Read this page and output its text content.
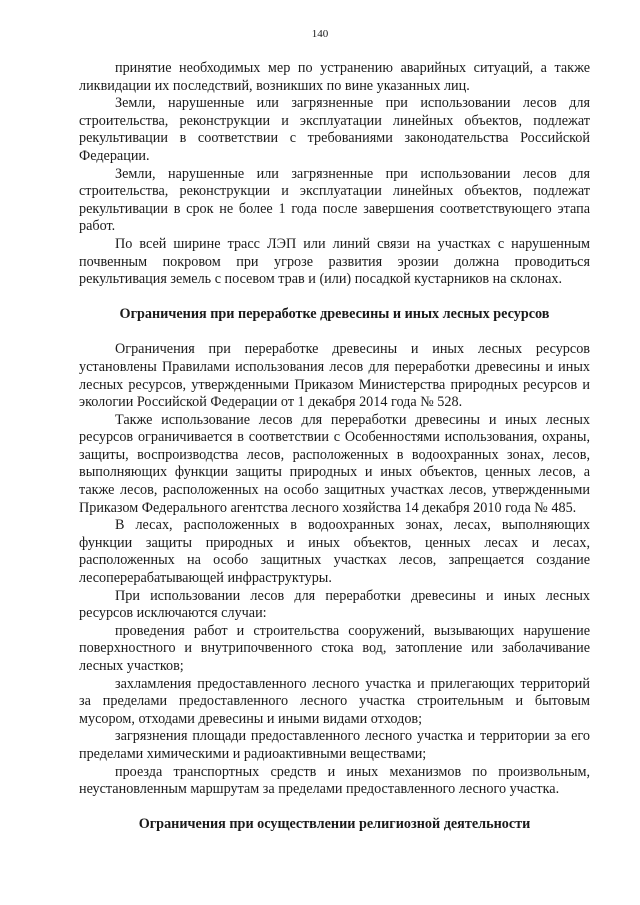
140

принятие необходимых мер по устранению аварийных ситуаций, а также ликвидации их последствий, возникших по вине указанных лиц.

Земли, нарушенные или загрязненные при использовании лесов для строительства, реконструкции и эксплуатации линейных объектов, подлежат рекультивации в соответствии с требованиями законодательства Российской Федерации.

Земли, нарушенные или загрязненные при использовании лесов для строительства, реконструкции и эксплуатации линейных объектов, подлежат рекультивации в срок не более 1 года после завершения соответствующего этапа работ.

По всей ширине трасс ЛЭП или линий связи на участках с нарушенным почвенным покровом при угрозе развития эрозии должна проводиться рекультивация земель с посевом трав и (или) посадкой кустарников на склонах.

Ограничения при переработке древесины и иных лесных ресурсов

Ограничения при переработке древесины и иных лесных ресурсов установлены Правилами использования лесов для переработки древесины и иных лесных ресурсов, утвержденными Приказом Министерства природных ресурсов и экологии Российской Федерации от 1 декабря 2014 года № 528.

Также использование лесов для переработки древесины и иных лесных ресурсов ограничивается в соответствии с Особенностями использования, охраны, защиты, воспроизводства лесов, расположенных в водоохранных зонах, лесов, выполняющих функции защиты природных и иных объектов, ценных лесов, а также лесов, расположенных на особо защитных участках лесов, утвержденными Приказом Федерального агентства лесного хозяйства 14 декабря 2010 года № 485.

В лесах, расположенных в водоохранных зонах, лесах, выполняющих функции защиты природных и иных объектов, ценных лесах и лесах, расположенных на особо защитных участках лесов, запрещается создание лесоперерабатывающей инфраструктуры.

При использовании лесов для переработки древесины и иных лесных ресурсов исключаются случаи:

проведения работ и строительства сооружений, вызывающих нарушение поверхностного и внутрипочвенного стока вод, затопление или заболачивание лесных участков;

захламления предоставленного лесного участка и прилегающих территорий за пределами предоставленного лесного участка строительным и бытовым мусором, отходами древесины и иными видами отходов;

загрязнения площади предоставленного лесного участка и территории за его пределами химическими и радиоактивными веществами;

проезда транспортных средств и иных механизмов по произвольным, неустановленным маршрутам за пределами предоставленного лесного участка.

Ограничения при осуществлении религиозной деятельности
